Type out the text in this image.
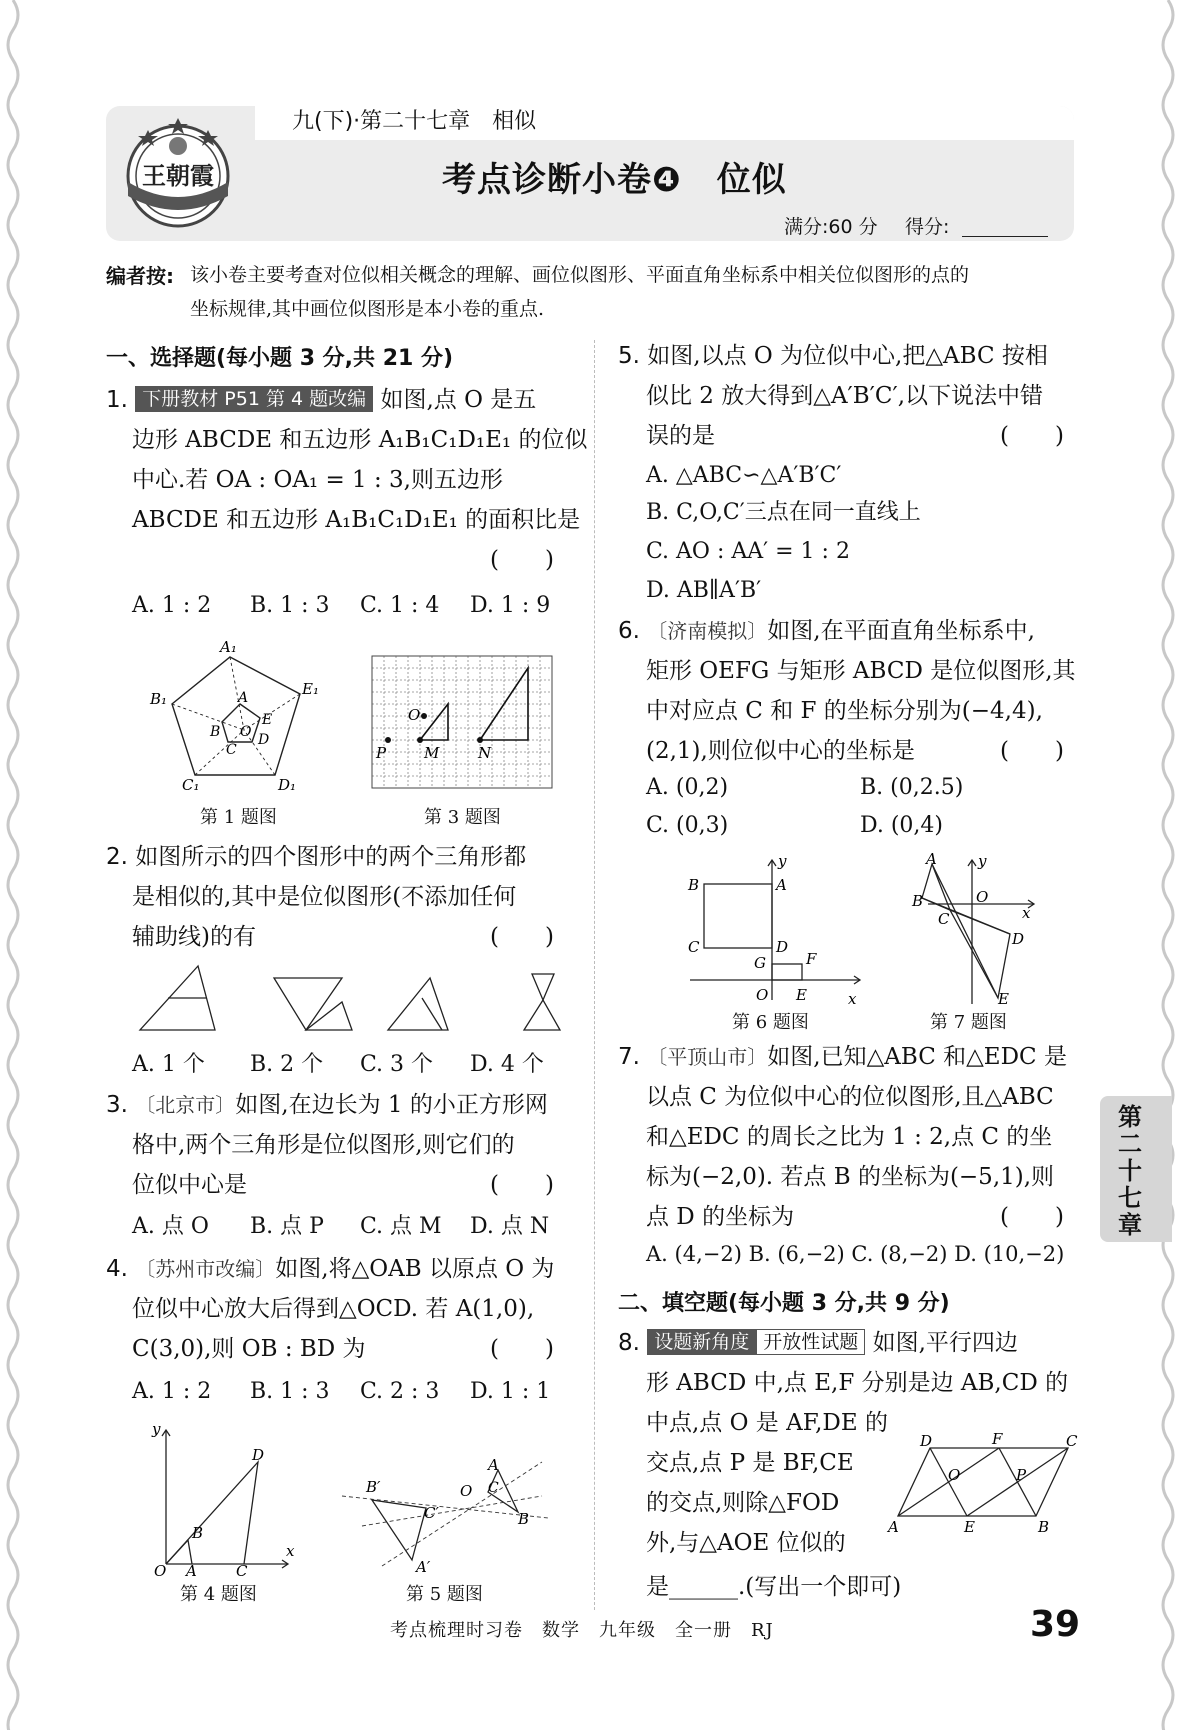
九(下)·第二十七章　相似
王朝霞	考点诊断小卷❹　位似
满分:60 分 得分:
编者按: 该小卷主要考查对位似相关概念的理解、画位似图形、平面直角坐标系中相关位似图形的点的
坐标规律,其中画位似图形是本小卷的重点.
一、选择题(每小题 3 分,共 21 分)
1. 下册教材 P51 第 4 题改编 如图,点 O 是五
边形 ABCDE 和五边形 A₁B₁C₁D₁E₁ 的位似
中心.若 OA : OA₁ = 1 : 3,则五边形
ABCDE 和五边形 A₁B₁C₁D₁E₁ 的面积比是
(　　)
A. 1 : 2 B. 1 : 3 C. 1 : 4 D. 1 : 9
A₁
E₁
D₁
C₁
B₁	A
E
D
C
B O
第 1 题图
P
O
M	N
第 3 题图
2. 如图所示的四个图形中的两个三角形都
是相似的,其中是位似图形(不添加任何
辅助线)的有	(　　)
A. 1 个 B. 2 个 C. 3 个 D. 4 个
3. 〔北京市〕如图,在边长为 1 的小正方形网
格中,两个三角形是位似图形,则它们的
位似中心是	(　　)
A. 点 O B. 点 P C. 点 M D. 点 N
4. 〔苏州市改编〕如图,将△OAB 以原点 O 为
位似中心放大后得到△OCD. 若 A(1,0),
C(3,0),则 OB : BD 为	(　　)
A. 1 : 2 B. 1 : 3 C. 2 : 3 D. 1 : 1
y
x
O A	C
B
D
第 4 题图
B′
C′
A′
O C
A
B
第 5 题图
5. 如图,以点 O 为位似中心,把△ABC 按相
似比 2 放大得到△A′B′C′,以下说法中错
误的是	(　　)
A. △ABC∽△A′B′C′
B. C,O,C′三点在同一直线上
C. AO : AA′ = 1 : 2
D. AB∥A′B′
6. 〔济南模拟〕如图,在平面直角坐标系中,
矩形 OEFG 与矩形 ABCD 是位似图形,其
中对应点 C 和 F 的坐标分别为(−4,4),
(2,1),则位似中心的坐标是	(　　)
A. (0,2)	B. (0,2.5)
C. (0,3)	D. (0,4)
y
x
B	A
C	D
G	F
O E
第 6 题图
A	y
B
C
O
x
D
E
第 7 题图
7. 〔平顶山市〕如图,已知△ABC 和△EDC 是
以点 C 为位似中心的位似图形,且△ABC
和△EDC 的周长之比为 1 : 2,点 C 的坐
标为(−2,0). 若点 B 的坐标为(−5,1),则
点 D 的坐标为	(　　)
A. (4,−2) B. (6,−2) C. (8,−2) D. (10,−2)
二、填空题(每小题 3 分,共 9 分)
8. 设题新角度 开放性试题 如图,平行四边
形 ABCD 中,点 E,F 分别是边 AB,CD 的
中点,点 O 是 AF,DE 的
交点,点 P 是 BF,CE
的交点,则除△FOD
外,与△AOE 位似的
是______.(写出一个即可)
D	F	C
O	P
A	E	B
第二十七章
考点梳理时习卷　数学　九年级　全一册　RJ	39
